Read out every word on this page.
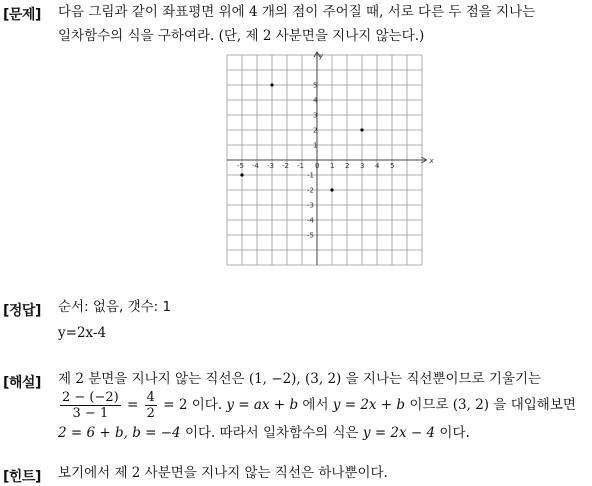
[문제] 다음 그림과 같이 좌표평면 위에 4 개의 점이 주어질 때, 서로 다른 두 점을 지나는
일차함수의 식을 구하여라. (단, 제 2 사분면을 지나지 않는다.)
x
y
-5 -4 -3 -2 -1 0 1 2 3 4 5
5
4
3
2
1
-1
-2
-3
-4
-5
[정답] 순서: 없음, 갯수: 1
y=2x-4
[해설] 제 2 분면을 지나지 않는 직선은 (1, −2), (3, 2) 을 지나는 직선뿐이므로 기울기는
$\frac{2 - (-2)}{3 - 1} = \frac{4}{2} = 2$ 이다. y = ax + b 에서 y = 2x + b 이므로 (3, 2) 을 대입해보면
2 = 6 + b, b = −4 이다. 따라서 일차함수의 식은 y = 2x − 4 이다.
[힌트] 보기에서 제 2 사분면을 지나지 않는 직선은 하나뿐이다.
